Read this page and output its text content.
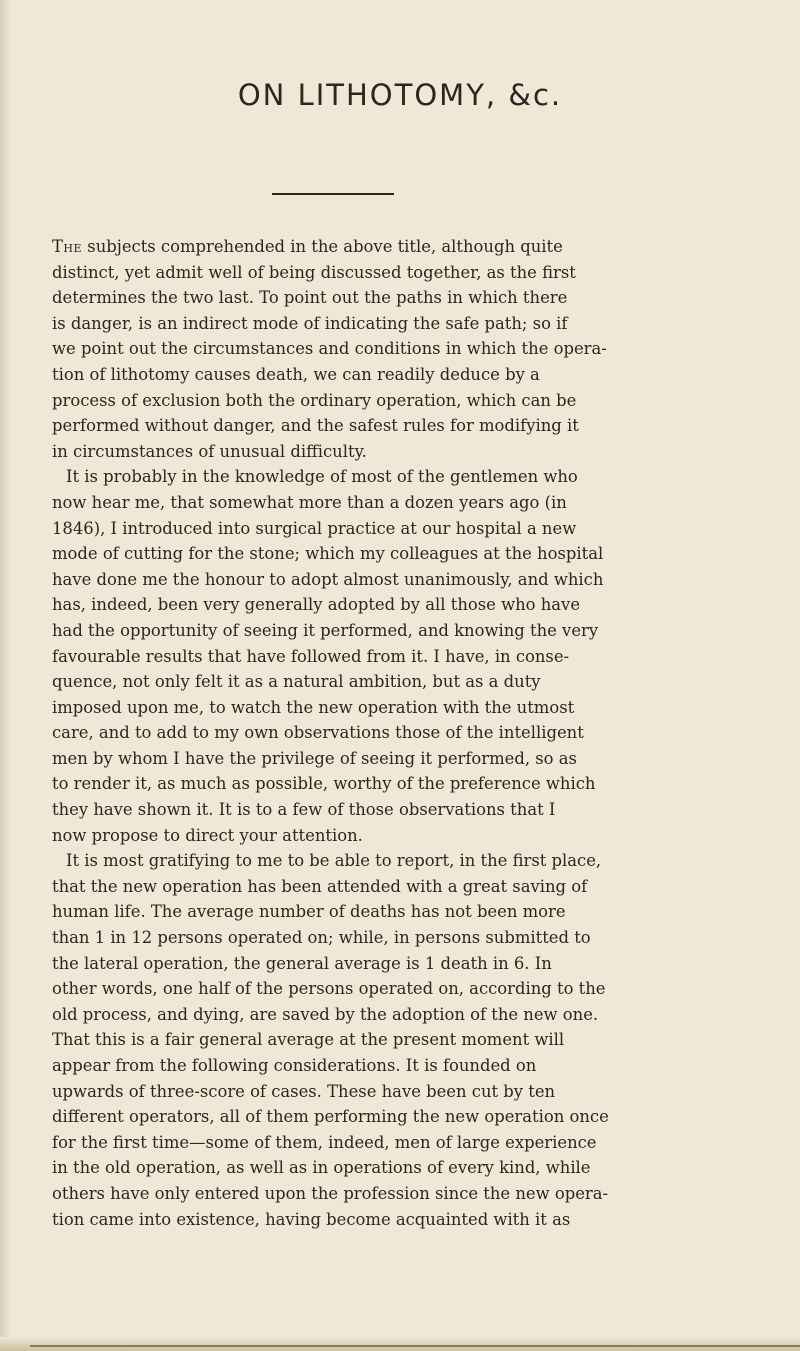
ON LITHOTOMY, &c.
The subjects comprehended in the above title, although quite
distinct, yet admit well of being discussed together, as the first
determines the two last. To point out the paths in which there
is danger, is an indirect mode of indicating the safe path; so if
we point out the circumstances and conditions in which the opera-
tion of lithotomy causes death, we can readily deduce by a
process of exclusion both the ordinary operation, which can be
performed without danger, and the safest rules for modifying it
in circumstances of unusual difficulty.
It is probably in the knowledge of most of the gentlemen who
now hear me, that somewhat more than a dozen years ago (in
1846), I introduced into surgical practice at our hospital a new
mode of cutting for the stone; which my colleagues at the hospital
have done me the honour to adopt almost unanimously, and which
has, indeed, been very generally adopted by all those who have
had the opportunity of seeing it performed, and knowing the very
favourable results that have followed from it. I have, in conse-
quence, not only felt it as a natural ambition, but as a duty
imposed upon me, to watch the new operation with the utmost
care, and to add to my own observations those of the intelligent
men by whom I have the privilege of seeing it performed, so as
to render it, as much as possible, worthy of the preference which
they have shown it. It is to a few of those observations that I
now propose to direct your attention.
It is most gratifying to me to be able to report, in the first place,
that the new operation has been attended with a great saving of
human life. The average number of deaths has not been more
than 1 in 12 persons operated on; while, in persons submitted to
the lateral operation, the general average is 1 death in 6. In
other words, one half of the persons operated on, according to the
old process, and dying, are saved by the adoption of the new one.
That this is a fair general average at the present moment will
appear from the following considerations. It is founded on
upwards of three-score of cases. These have been cut by ten
different operators, all of them performing the new operation once
for the first time—some of them, indeed, men of large experience
in the old operation, as well as in operations of every kind, while
others have only entered upon the profession since the new opera-
tion came into existence, having become acquainted with it as
